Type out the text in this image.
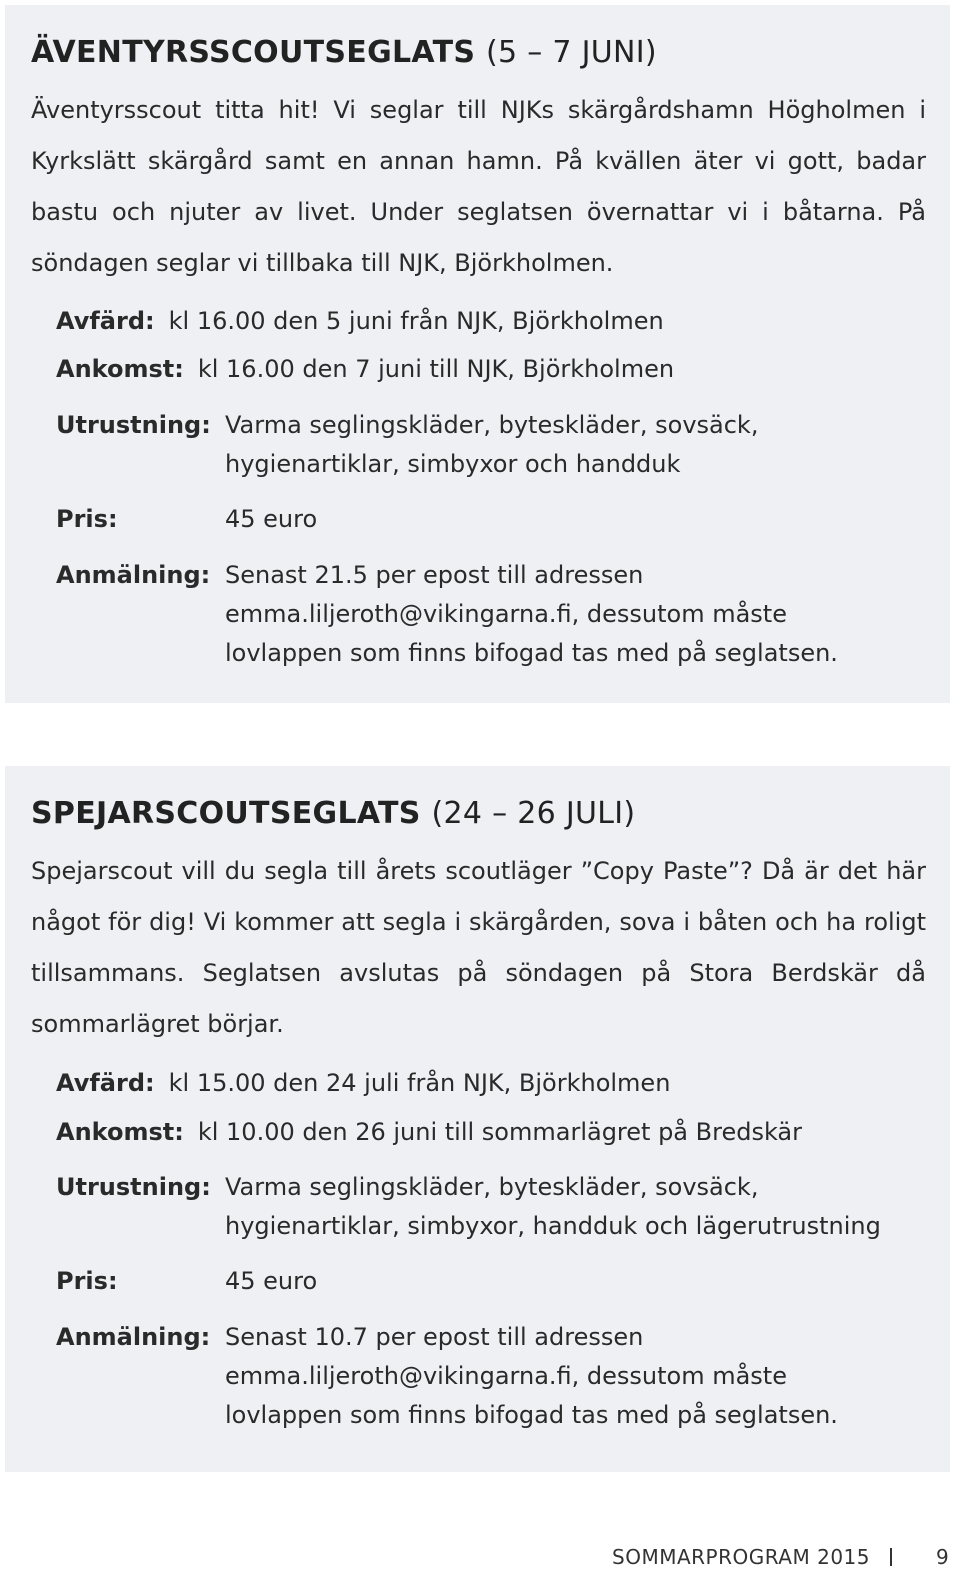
ÄVENTYRSSCOUTSEGLATS (5 – 7 JUNI)

Äventyrsscout titta hit! Vi seglar till NJKs skärgårdshamn Högholmen i Kyrkslätt skärgård samt en annan hamn. På kvällen äter vi gott, badar bastu och njuter av livet. Under seglatsen övernattar vi i båtarna. På söndagen seglar vi tillbaka till NJK, Björkholmen.

Avfärd: kl 16.00 den 5 juni från NJK, Björkholmen
Ankomst: kl 16.00 den 7 juni till NJK, Björkholmen
Utrustning: Varma seglingskläder, byteskläder, sovsäck, hygienartiklar, simbyxor och handduk
Pris:	45 euro
Anmälning: Senast 21.5 per epost till adressen emma.liljeroth@vikingarna.fi, dessutom måste lovlappen som finns bifogad tas med på seglatsen.
SPEJARSCOUTSEGLATS (24 – 26 JULI)

Spejarscout vill du segla till årets scoutläger ”Copy Paste”? Då är det här något för dig! Vi kommer att segla i skärgården, sova i båten och ha roligt tillsammans. Seglatsen avslutas på söndagen på Stora Berdskär då sommarlägret börjar.

Avfärd: kl 15.00 den 24 juli från NJK, Björkholmen
Ankomst: kl 10.00 den 26 juni till sommarlägret på Bredskär
Utrustning: Varma seglingskläder, byteskläder, sovsäck, hygienartiklar, simbyxor, handduk och lägerutrustning
Pris:	45 euro
Anmälning: Senast 10.7 per epost till adressen emma.liljeroth@vikingarna.fi, dessutom måste lovlappen som finns bifogad tas med på seglatsen.
SOMMARPROGRAM 2015	9
